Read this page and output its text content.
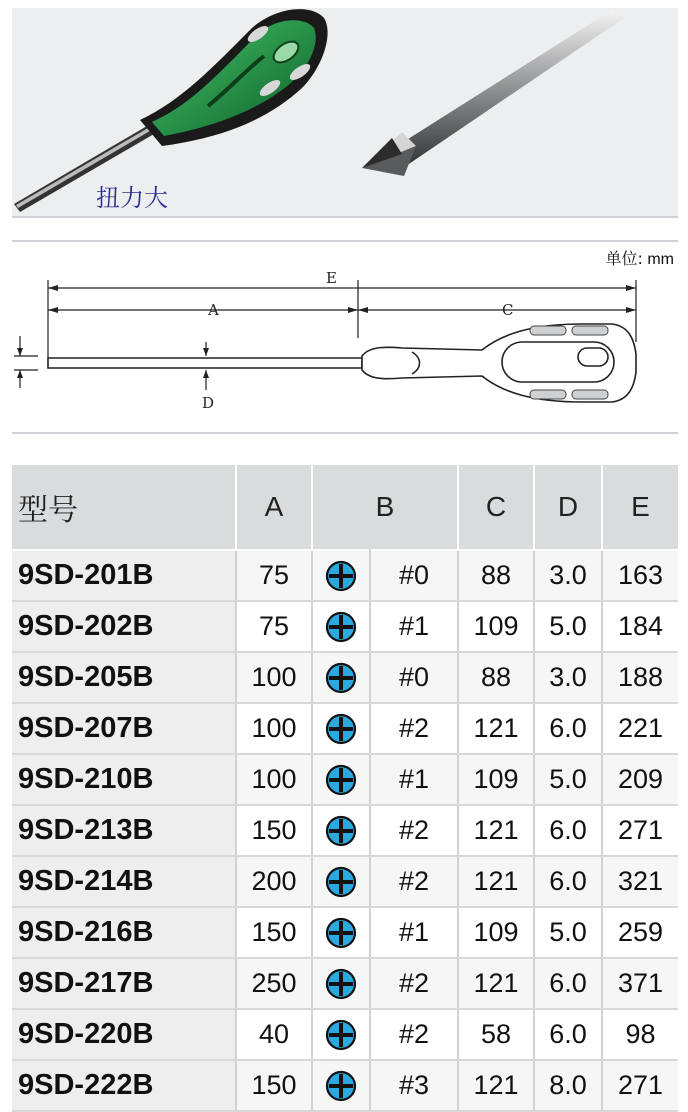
扭力大
单位: mm
E
A	C
D
型号	A	B		C	D	E
9SD-201B	75		#0	88	3.0	163
9SD-202B	75		#1	109	5.0	184
9SD-205B	100		#0	88	3.0	188
9SD-207B	100		#2	121	6.0	221
9SD-210B	100		#1	109	5.0	209
9SD-213B	150		#2	121	6.0	271
9SD-214B	200		#2	121	6.0	321
9SD-216B	150		#1	109	5.0	259
9SD-217B	250		#2	121	6.0	371
9SD-220B	40		#2	58	6.0	98
9SD-222B	150		#3	121	8.0	271
